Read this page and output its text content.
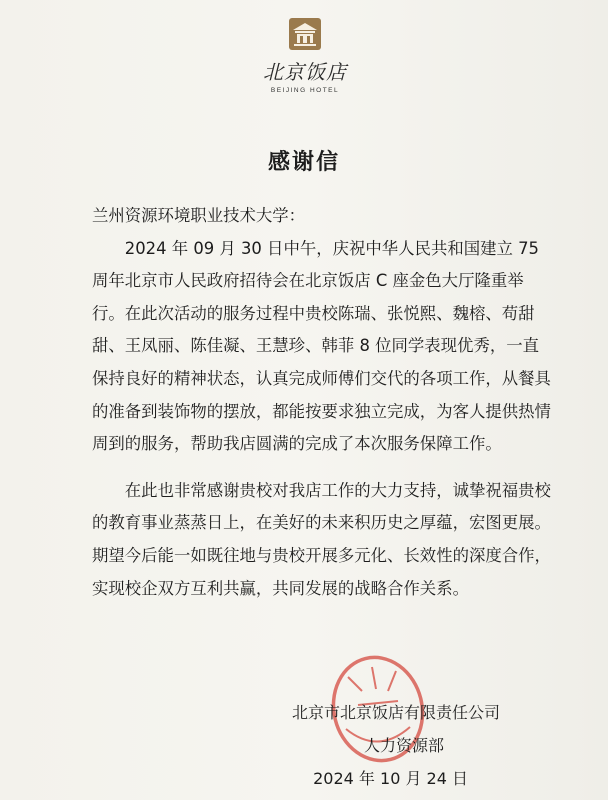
北京饭店
BEIJING HOTEL
感谢信

兰州资源环境职业技术大学：

2024 年 09 月 30 日中午，庆祝中华人民共和国建立 75 周年北京市人民政府招待会在北京饭店 C 座金色大厅隆重举行。在此次活动的服务过程中贵校陈瑞、张悦熙、魏榕、苟甜甜、王凤丽、陈佳凝、王慧珍、韩菲 8 位同学表现优秀，一直保持良好的精神状态，认真完成师傅们交代的各项工作，从餐具的准备到装饰物的摆放，都能按要求独立完成，为客人提供热情周到的服务，帮助我店圆满的完成了本次服务保障工作。

在此也非常感谢贵校对我店工作的大力支持，诚挚祝福贵校的教育事业蒸蒸日上，在美好的未来积历史之厚蕴，宏图更展。期望今后能一如既往地与贵校开展多元化、长效性的深度合作，实现校企双方互利共赢，共同发展的战略合作关系。

北京市北京饭店有限责任公司
人力资源部
2024 年 10 月 24 日
